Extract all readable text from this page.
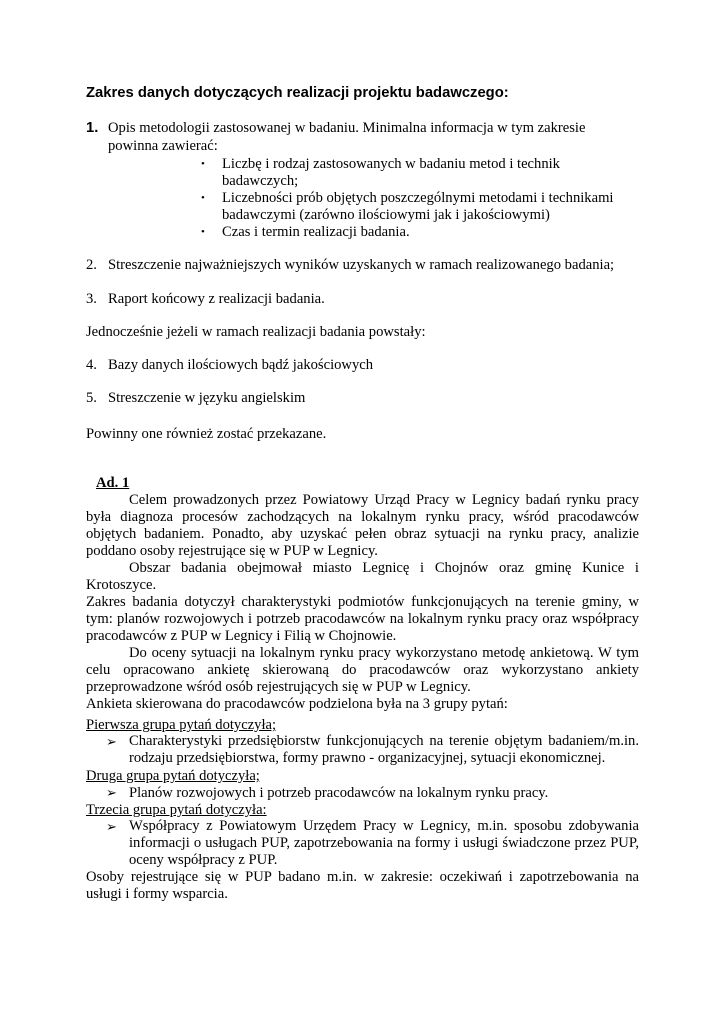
Zakres danych dotyczących realizacji projektu badawczego:
1. Opis metodologii zastosowanej w badaniu. Minimalna informacja w tym zakresie
powinna zawierać:
• Liczbę i rodzaj zastosowanych w badaniu metod i technik
badawczych;
• Liczebności prób objętych poszczególnymi metodami i technikami
badawczymi (zarówno ilościowymi jak i jakościowymi)
• Czas i termin realizacji badania.
2. Streszczenie najważniejszych wyników uzyskanych w ramach realizowanego badania;
3. Raport końcowy z realizacji badania.
Jednocześnie jeżeli w ramach realizacji badania powstały:
4. Bazy danych ilościowych bądź jakościowych
5. Streszczenie w języku angielskim
Powinny one również zostać przekazane.
Ad. 1
Celem prowadzonych przez Powiatowy Urząd Pracy w Legnicy badań rynku pracy
była diagnoza procesów zachodzących na lokalnym rynku pracy, wśród pracodawców
objętych badaniem. Ponadto, aby uzyskać pełen obraz sytuacji na rynku pracy, analizie
poddano osoby rejestrujące się w PUP w Legnicy.
Obszar badania obejmował miasto Legnicę i Chojnów oraz gminę Kunice i
Krotoszyce.
Zakres badania dotyczył charakterystyki podmiotów funkcjonujących na terenie gminy, w
tym: planów rozwojowych i potrzeb pracodawców na lokalnym rynku pracy oraz współpracy
pracodawców z PUP w Legnicy i Filią w Chojnowie.
Do oceny sytuacji na lokalnym rynku pracy wykorzystano metodę ankietową. W tym
celu opracowano ankietę skierowaną do pracodawców oraz wykorzystano ankiety
przeprowadzone wśród osób rejestrujących się w PUP w Legnicy.
Ankieta skierowana do pracodawców podzielona była na 3 grupy pytań:
Pierwsza grupa pytań dotyczyła;
➢ Charakterystyki przedsiębiorstw funkcjonujących na terenie objętym badaniem/m.in. rodzaju przedsiębiorstwa, formy prawno - organizacyjnej, sytuacji ekonomicznej.
Druga grupa pytań dotyczyła;
➢ Planów rozwojowych i potrzeb pracodawców na lokalnym rynku pracy.
Trzecia grupa pytań dotyczyła:
➢ Współpracy z Powiatowym Urzędem Pracy w Legnicy, m.in. sposobu zdobywania informacji o usługach PUP, zapotrzebowania na formy i usługi świadczone przez PUP, oceny współpracy z PUP.
Osoby rejestrujące się w PUP badano m.in. w zakresie: oczekiwań i zapotrzebowania na usługi i formy wsparcia.
